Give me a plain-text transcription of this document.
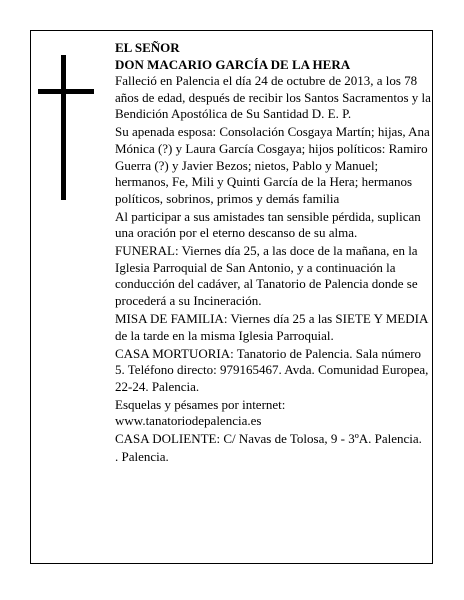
EL SEÑOR

DON MACARIO GARCÍA DE LA HERA

Falleció en Palencia el día 24 de octubre de 2013, a los 78 años de edad, después de recibir los Santos Sacramentos y la Bendición Apostólica de Su Santidad D. E. P.

Su apenada esposa: Consolación Cosgaya Martín; hijas, Ana Mónica (?) y Laura García Cosgaya; hijos políticos: Ramiro Guerra (?) y Javier Bezos; nietos, Pablo y Manuel; hermanos, Fe, Mili y Quinti García de la Hera; hermanos políticos, sobrinos, primos y demás familia

Al participar a sus amistades tan sensible pérdida, suplican una oración por el eterno descanso de su alma.

FUNERAL: Viernes día 25, a las doce de la mañana, en la Iglesia Parroquial de San Antonio, y a continuación la conducción del cadáver, al Tanatorio de Palencia donde se procederá a su Incineración.

MISA DE FAMILIA: Viernes día 25 a las SIETE Y MEDIA de la tarde en la misma Iglesia Parroquial.

CASA MORTUORIA: Tanatorio de Palencia. Sala número 5. Teléfono directo: 979165467. Avda. Comunidad Europea, 22-24. Palencia.

Esquelas y pésames por internet: www.tanatoriodepalencia.es

CASA DOLIENTE: C/ Navas de Tolosa, 9 - 3ºA. Palencia.

. Palencia.
